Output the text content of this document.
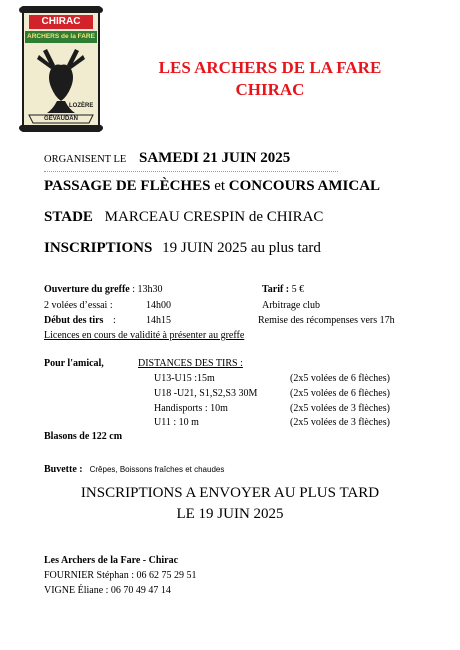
CHIRAC
ARCHERS de la FARE
LOZÈRE
GÉVAUDAN
LES ARCHERS DE LA FARE
CHIRAC
ORGANISENT LE SAMEDI 21 JUIN 2025
PASSAGE DE FLÈCHES et CONCOURS AMICAL
STADE MARCEAU CRESPIN de CHIRAC
INSCRIPTIONS 19 JUIN 2025 au plus tard
Ouverture du greffe : 13h30	Tarif : 5 €
2 volées d’essai :	14h00	Arbitrage club
Début des tirs :	14h15	Remise des récompenses vers 17h
Licences en cours de validité à présenter au greffe
Pour l'amical,	DISTANCES DES TIRS :
U13-U15 :15m	(2x5 volées de 6 flèches)
U18 -U21, S1,S2,S3 30M	(2x5 volées de 6 flèches)
Handisports : 10m	(2x5 volées de 3 flèches)
U11 : 10 m	(2x5 volées de 3 flèches)
Blasons de 122 cm
Buvette : Crêpes, Boissons fraîches et chaudes
INSCRIPTIONS A ENVOYER AU PLUS TARD
LE 19 JUIN 2025
Les Archers de la Fare - Chirac
FOURNIER Stéphan : 06 62 75 29 51
VIGNE Éliane : 06 70 49 47 14
